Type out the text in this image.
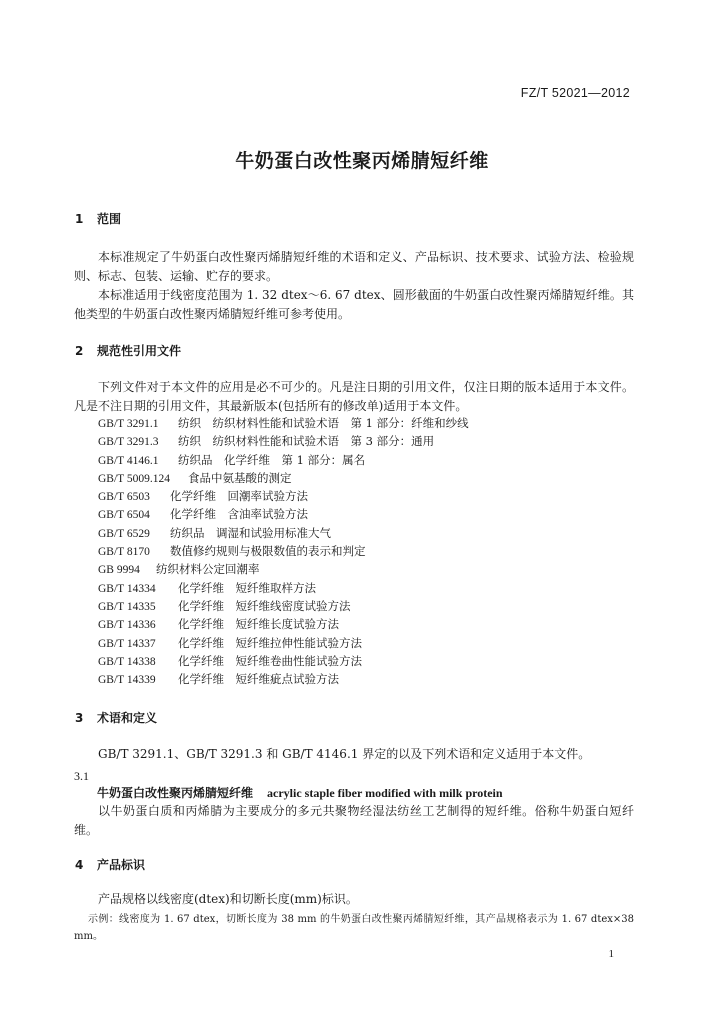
FZ/T 52021—2012
牛奶蛋白改性聚丙烯腈短纤维
1 范围

本标准规定了牛奶蛋白改性聚丙烯腈短纤维的术语和定义、产品标识、技术要求、试验方法、检验规则、标志、包装、运输、贮存的要求。

本标准适用于线密度范围为 1. 32 dtex～6. 67 dtex、圆形截面的牛奶蛋白改性聚丙烯腈短纤维。其他类型的牛奶蛋白改性聚丙烯腈短纤维可参考使用。

2 规范性引用文件

下列文件对于本文件的应用是必不可少的。凡是注日期的引用文件，仅注日期的版本适用于本文件。凡是不注日期的引用文件，其最新版本(包括所有的修改单)适用于本文件。

GB/T 3291.1 纺织　纺织材料性能和试验术语　第 1 部分：纤维和纱线
GB/T 3291.3 纺织　纺织材料性能和试验术语　第 3 部分：通用
GB/T 4146.1 纺织品　化学纤维　第 1 部分：属名
GB/T 5009.124 食品中氨基酸的测定
GB/T 6503 化学纤维　回潮率试验方法
GB/T 6504 化学纤维　含油率试验方法
GB/T 6529 纺织品　调湿和试验用标准大气
GB/T 8170 数值修约规则与极限数值的表示和判定
GB 9994 纺织材料公定回潮率
GB/T 14334 化学纤维　短纤维取样方法
GB/T 14335 化学纤维　短纤维线密度试验方法
GB/T 14336 化学纤维　短纤维长度试验方法
GB/T 14337 化学纤维　短纤维拉伸性能试验方法
GB/T 14338 化学纤维　短纤维卷曲性能试验方法
GB/T 14339 化学纤维　短纤维疵点试验方法
3 术语和定义

GB/T 3291.1、GB/T 3291.3 和 GB/T 4146.1 界定的以及下列术语和定义适用于本文件。

3.1
牛奶蛋白改性聚丙烯腈短纤维 acrylic staple fiber modified with milk protein

以牛奶蛋白质和丙烯腈为主要成分的多元共聚物经湿法纺丝工艺制得的短纤维。俗称牛奶蛋白短纤维。

4 产品标识

产品规格以线密度(dtex)和切断长度(mm)标识。

示例：线密度为 1. 67 dtex，切断长度为 38 mm 的牛奶蛋白改性聚丙烯腈短纤维，其产品规格表示为 1. 67 dtex×38 mm。

1
